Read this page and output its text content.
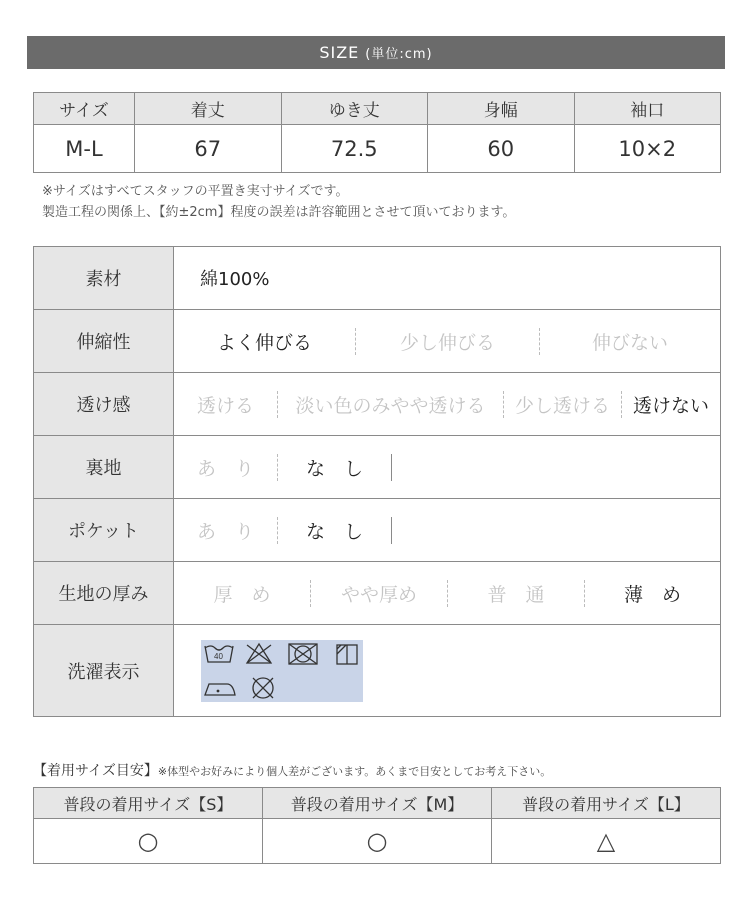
SIZE (単位:cm)
サイズ	着丈	ゆき丈	身幅	袖口
M-L	67	72.5	60	10×2
※サイズはすべてスタッフの平置き実寸サイズです。
製造工程の関係上、【約±2cm】程度の誤差は許容範囲とさせて頂いております。
素材	綿100%
伸縮性	よく伸びる 少し伸びる 伸びない

透け感	透ける 淡い色のみやや透ける 少し透ける 透けない

裏地	あ　り な　し

ポケット	あ　り な　し

生地の厚み	厚　め やや厚め 普　通 薄　め

洗濯表示	40
【着用サイズ目安】※体型やお好みにより個人差がございます。あくまで目安としてお考え下さい。
普段の着用サイズ【S】	普段の着用サイズ【M】	普段の着用サイズ【L】
○	○	△
